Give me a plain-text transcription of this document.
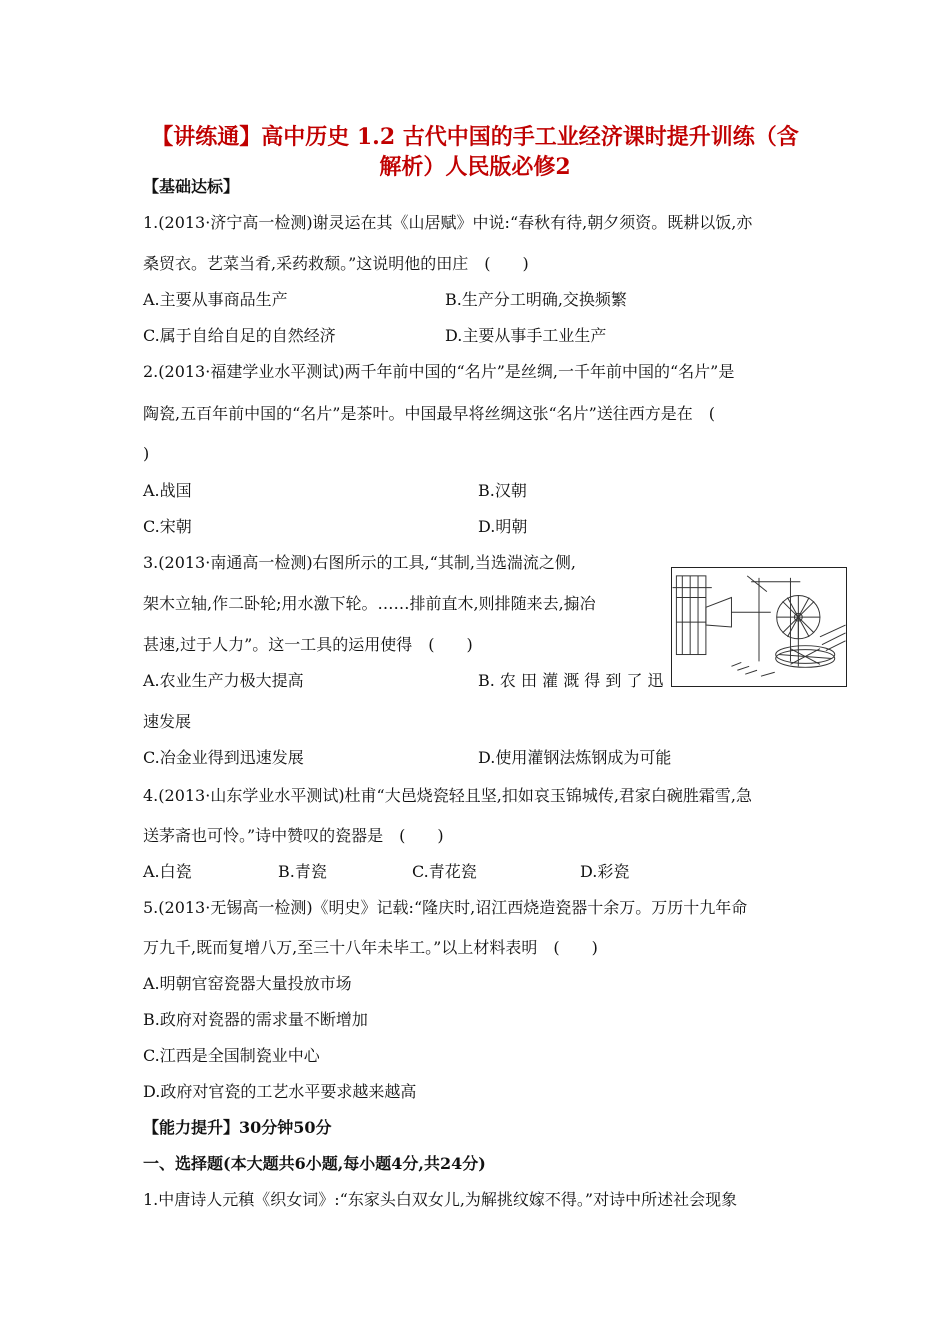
【讲练通】高中历史 1.2 古代中国的手工业经济课时提升训练（含
解析）人民版必修2
【基础达标】
1.(2013·济宁高一检测)谢灵运在其《山居赋》中说:“春秋有待,朝夕须资。既耕以饭,亦
桑贸衣。艺菜当肴,采药救颓。”这说明他的田庄　(　　)
A.主要从事商品生产	B.生产分工明确,交换频繁
C.属于自给自足的自然经济	D.主要从事手工业生产
2.(2013·福建学业水平测试)两千年前中国的“名片”是丝绸,一千年前中国的“名片”是
陶瓷,五百年前中国的“名片”是茶叶。中国最早将丝绸这张“名片”送往西方是在　(
)
A.战国	B.汉朝
C.宋朝	D.明朝
3.(2013·南通高一检测)右图所示的工具,“其制,当选湍流之侧,
架木立轴,作二卧轮;用水激下轮。……排前直木,则排随来去,搧冶
甚速,过于人力”。这一工具的运用使得　(　　)
A.农业生产力极大提高	B. 农 田 灌 溉 得 到 了 迅
速发展
C.冶金业得到迅速发展	D.使用灌钢法炼钢成为可能
4.(2013·山东学业水平测试)杜甫“大邑烧瓷轻且坚,扣如哀玉锦城传,君家白碗胜霜雪,急
送茅斋也可怜。”诗中赞叹的瓷器是　(　　)
A.白瓷	B.青瓷	C.青花瓷	D.彩瓷
5.(2013·无锡高一检测)《明史》记载:“隆庆时,诏江西烧造瓷器十余万。万历十九年命
万九千,既而复增八万,至三十八年未毕工。”以上材料表明　(　　)
A.明朝官窑瓷器大量投放市场
B.政府对瓷器的需求量不断增加
C.江西是全国制瓷业中心
D.政府对官瓷的工艺水平要求越来越高
【能力提升】30分钟50分
一、选择题(本大题共6小题,每小题4分,共24分)
1.中唐诗人元稹《织女词》:“东家头白双女儿,为解挑纹嫁不得。”对诗中所述社会现象
